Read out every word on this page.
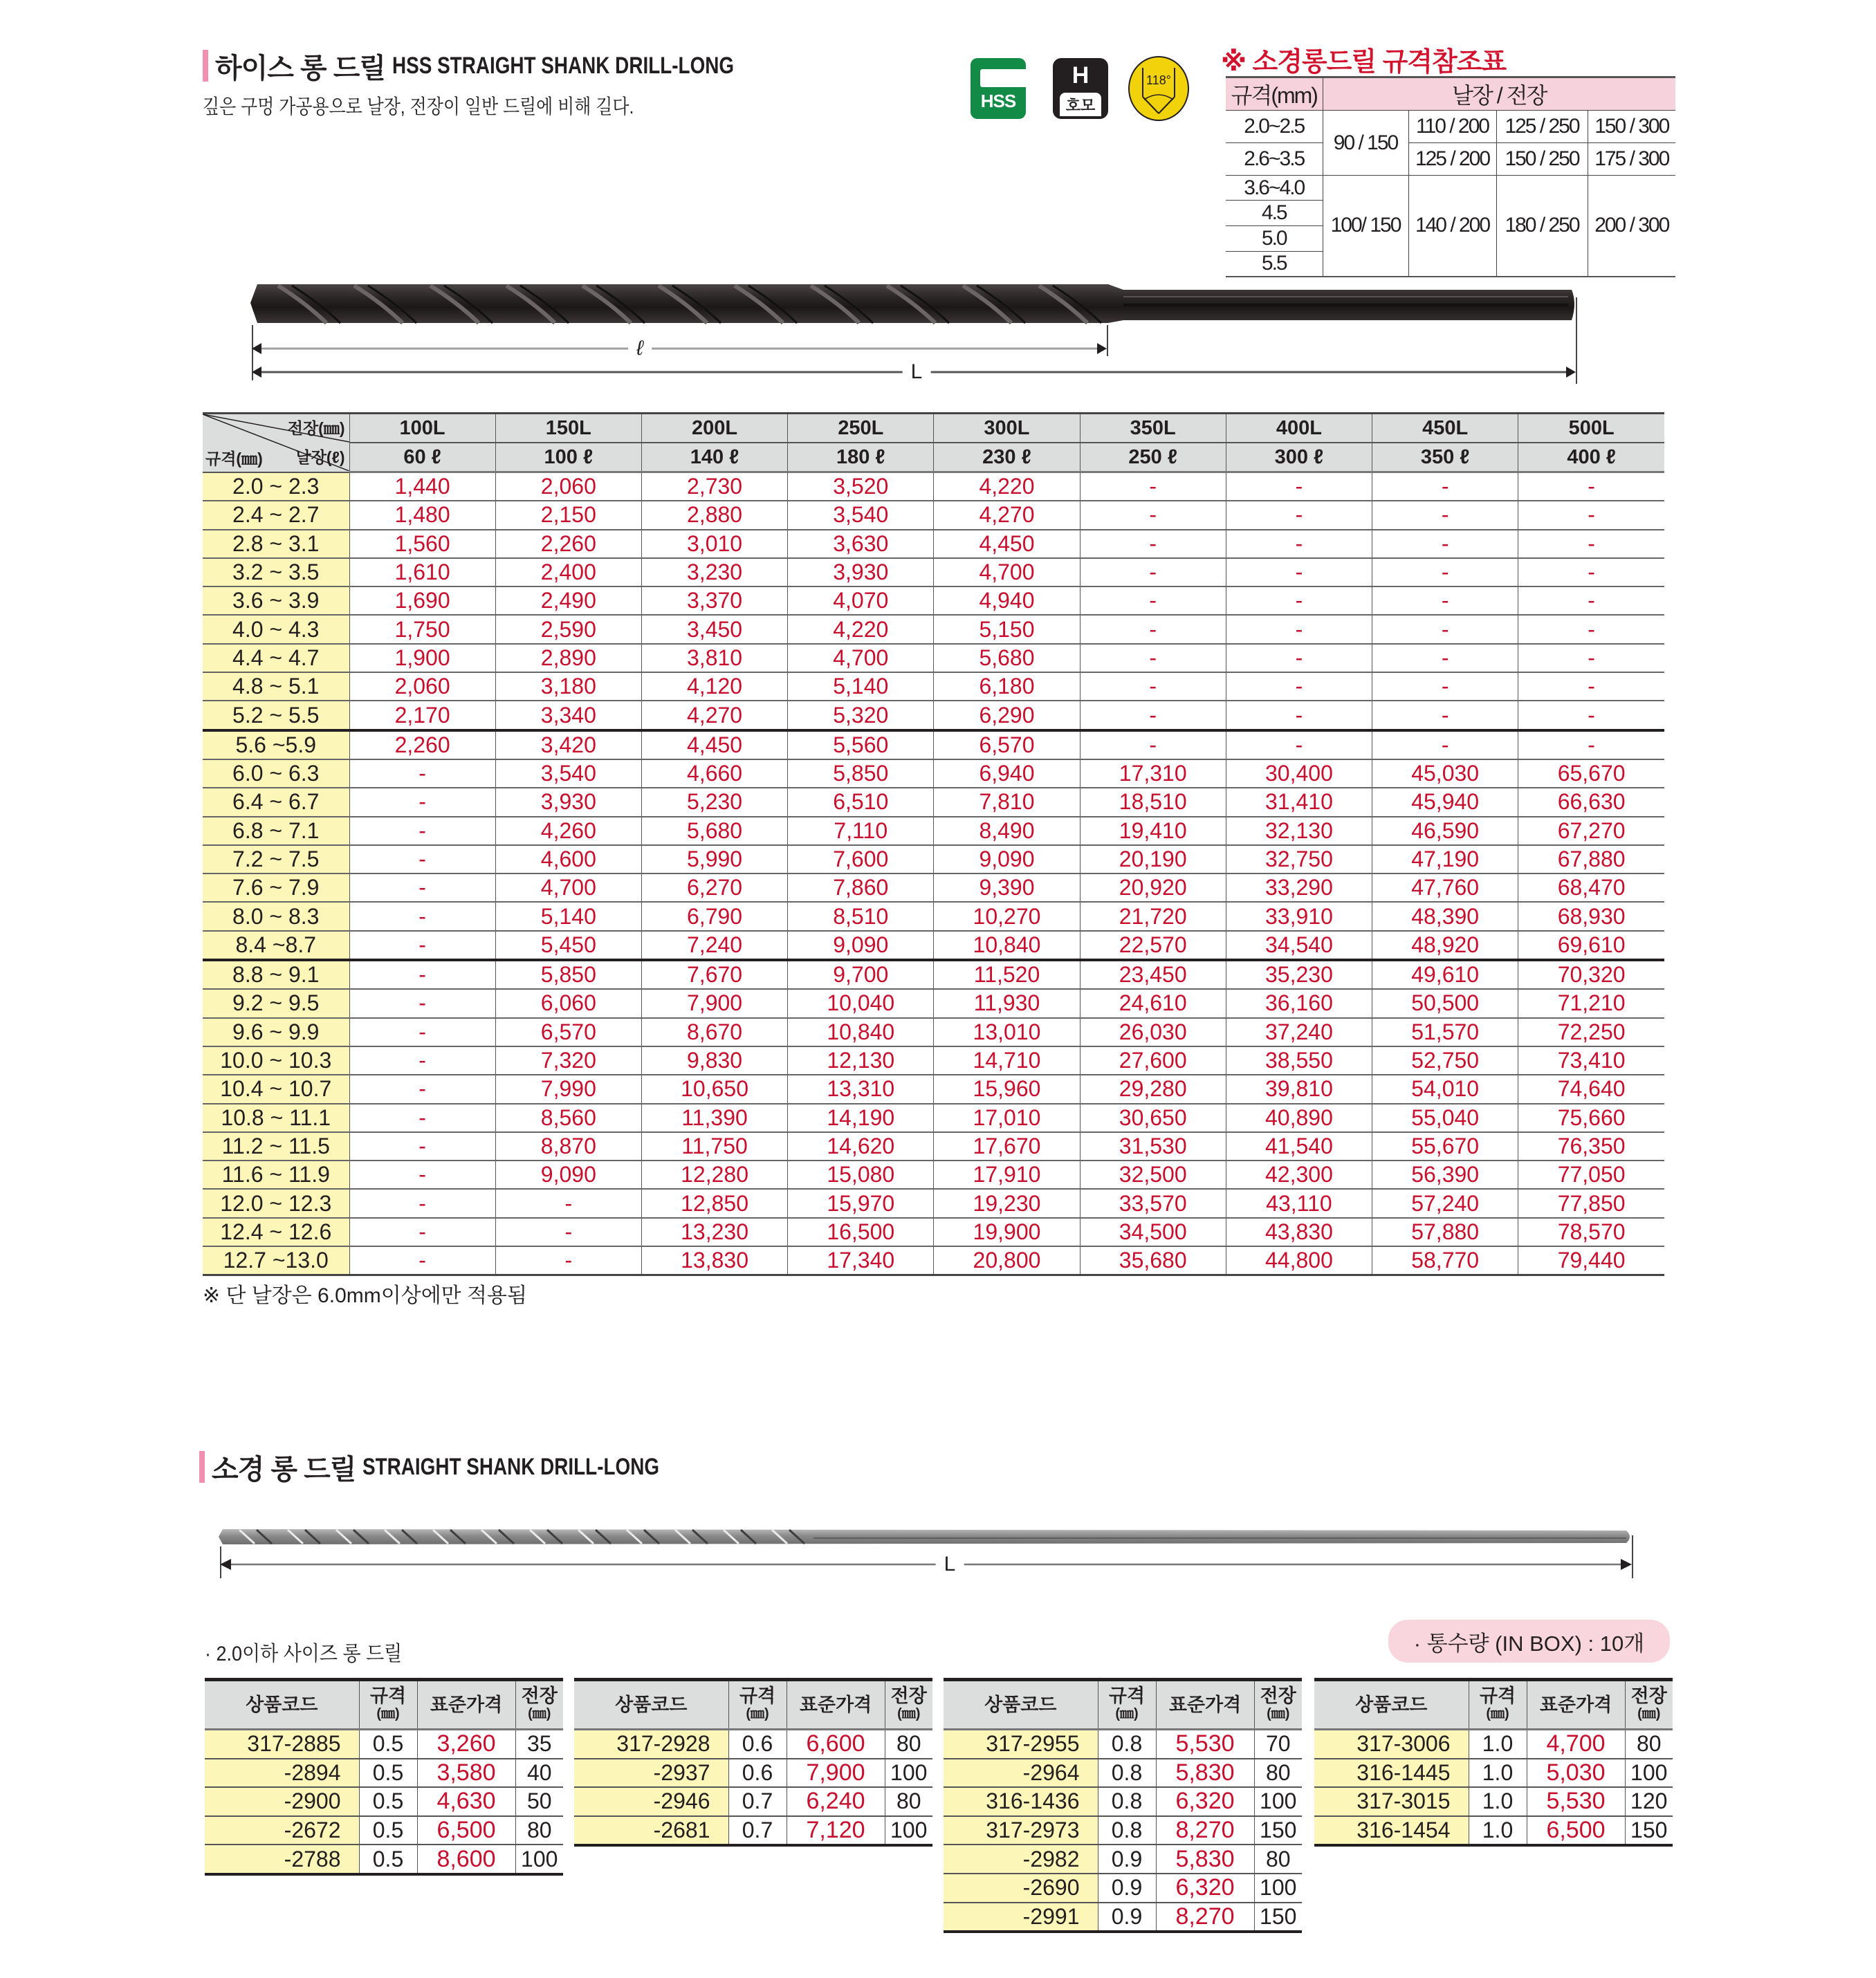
하이스 롱 드릴 HSS STRAIGHT SHANK DRILL-LONG
깊은 구멍 가공용으로 날장, 전장이 일반 드릴에 비해 길다.	HSS
H
호모
118°
※ 소경롱드릴 규격참조표
규격(mm)	날장 / 전장			
2.0~2.5	90 / 150	110 / 200	125 / 250	150 / 300
2.6~3.5		125 / 200	150 / 250	175 / 300
3.6~4.0	100/ 150	140 / 200	180 / 250	200 / 300
4.5				
5.0				
5.5				
ℓ
L
전장(㎜)
날장(ℓ)
규격(㎜)	100L	150L	200L	250L	300L	350L	400L	450L	500L
	60 ℓ	100 ℓ	140 ℓ	180 ℓ	230 ℓ	250 ℓ	300 ℓ	350 ℓ	400 ℓ
2.0 ~ 2.3	1,440	2,060	2,730	3,520	4,220	-	-	-	-
2.4 ~ 2.7	1,480	2,150	2,880	3,540	4,270	-	-	-	-
2.8 ~ 3.1	1,560	2,260	3,010	3,630	4,450	-	-	-	-
3.2 ~ 3.5	1,610	2,400	3,230	3,930	4,700	-	-	-	-
3.6 ~ 3.9	1,690	2,490	3,370	4,070	4,940	-	-	-	-
4.0 ~ 4.3	1,750	2,590	3,450	4,220	5,150	-	-	-	-
4.4 ~ 4.7	1,900	2,890	3,810	4,700	5,680	-	-	-	-
4.8 ~ 5.1	2,060	3,180	4,120	5,140	6,180	-	-	-	-
5.2 ~ 5.5	2,170	3,340	4,270	5,320	6,290	-	-	-	-
5.6 ~5.9	2,260	3,420	4,450	5,560	6,570	-	-	-	-
6.0 ~ 6.3	-	3,540	4,660	5,850	6,940	17,310	30,400	45,030	65,670
6.4 ~ 6.7	-	3,930	5,230	6,510	7,810	18,510	31,410	45,940	66,630
6.8 ~ 7.1	-	4,260	5,680	7,110	8,490	19,410	32,130	46,590	67,270
7.2 ~ 7.5	-	4,600	5,990	7,600	9,090	20,190	32,750	47,190	67,880
7.6 ~ 7.9	-	4,700	6,270	7,860	9,390	20,920	33,290	47,760	68,470
8.0 ~ 8.3	-	5,140	6,790	8,510	10,270	21,720	33,910	48,390	68,930
8.4 ~8.7	-	5,450	7,240	9,090	10,840	22,570	34,540	48,920	69,610
8.8 ~ 9.1	-	5,850	7,670	9,700	11,520	23,450	35,230	49,610	70,320
9.2 ~ 9.5	-	6,060	7,900	10,040	11,930	24,610	36,160	50,500	71,210
9.6 ~ 9.9	-	6,570	8,670	10,840	13,010	26,030	37,240	51,570	72,250
10.0 ~ 10.3	-	7,320	9,830	12,130	14,710	27,600	38,550	52,750	73,410
10.4 ~ 10.7	-	7,990	10,650	13,310	15,960	29,280	39,810	54,010	74,640
10.8 ~ 11.1	-	8,560	11,390	14,190	17,010	30,650	40,890	55,040	75,660
11.2 ~ 11.5	-	8,870	11,750	14,620	17,670	31,530	41,540	55,670	76,350
11.6 ~ 11.9	-	9,090	12,280	15,080	17,910	32,500	42,300	56,390	77,050
12.0 ~ 12.3	-	-	12,850	15,970	19,230	33,570	43,110	57,240	77,850
12.4 ~ 12.6	-	-	13,230	16,500	19,900	34,500	43,830	57,880	78,570
12.7 ~13.0	-	-	13,830	17,340	20,800	35,680	44,800	58,770	79,440
※ 단 날장은 6.0mm이상에만 적용됨
소경 롱 드릴 STRAIGHT SHANK DRILL-LONG
L
· 2.0이하 사이즈 롱 드릴	· 통수량 (IN BOX) : 10개
상품코드	규격
(㎜)	표준가격	전장
(㎜)

317-2885	0.5	3,260	35
-2894	0.5	3,580	40
-2900	0.5	4,630	50
-2672	0.5	6,500	80
-2788	0.5	8,600	100
상품코드	규격
(㎜)	표준가격	전장
(㎜)

317-2928	0.6	6,600	80
-2937	0.6	7,900	100
-2946	0.7	6,240	80
-2681	0.7	7,120	100
상품코드	규격
(㎜)	표준가격	전장
(㎜)

317-2955	0.8	5,530	70
-2964	0.8	5,830	80
316-1436	0.8	6,320	100
317-2973	0.8	8,270	150
-2982	0.9	5,830	80
-2690	0.9	6,320	100
-2991	0.9	8,270	150
상품코드	규격
(㎜)	표준가격	전장
(㎜)

317-3006	1.0	4,700	80
316-1445	1.0	5,030	100
317-3015	1.0	5,530	120
316-1454	1.0	6,500	150
